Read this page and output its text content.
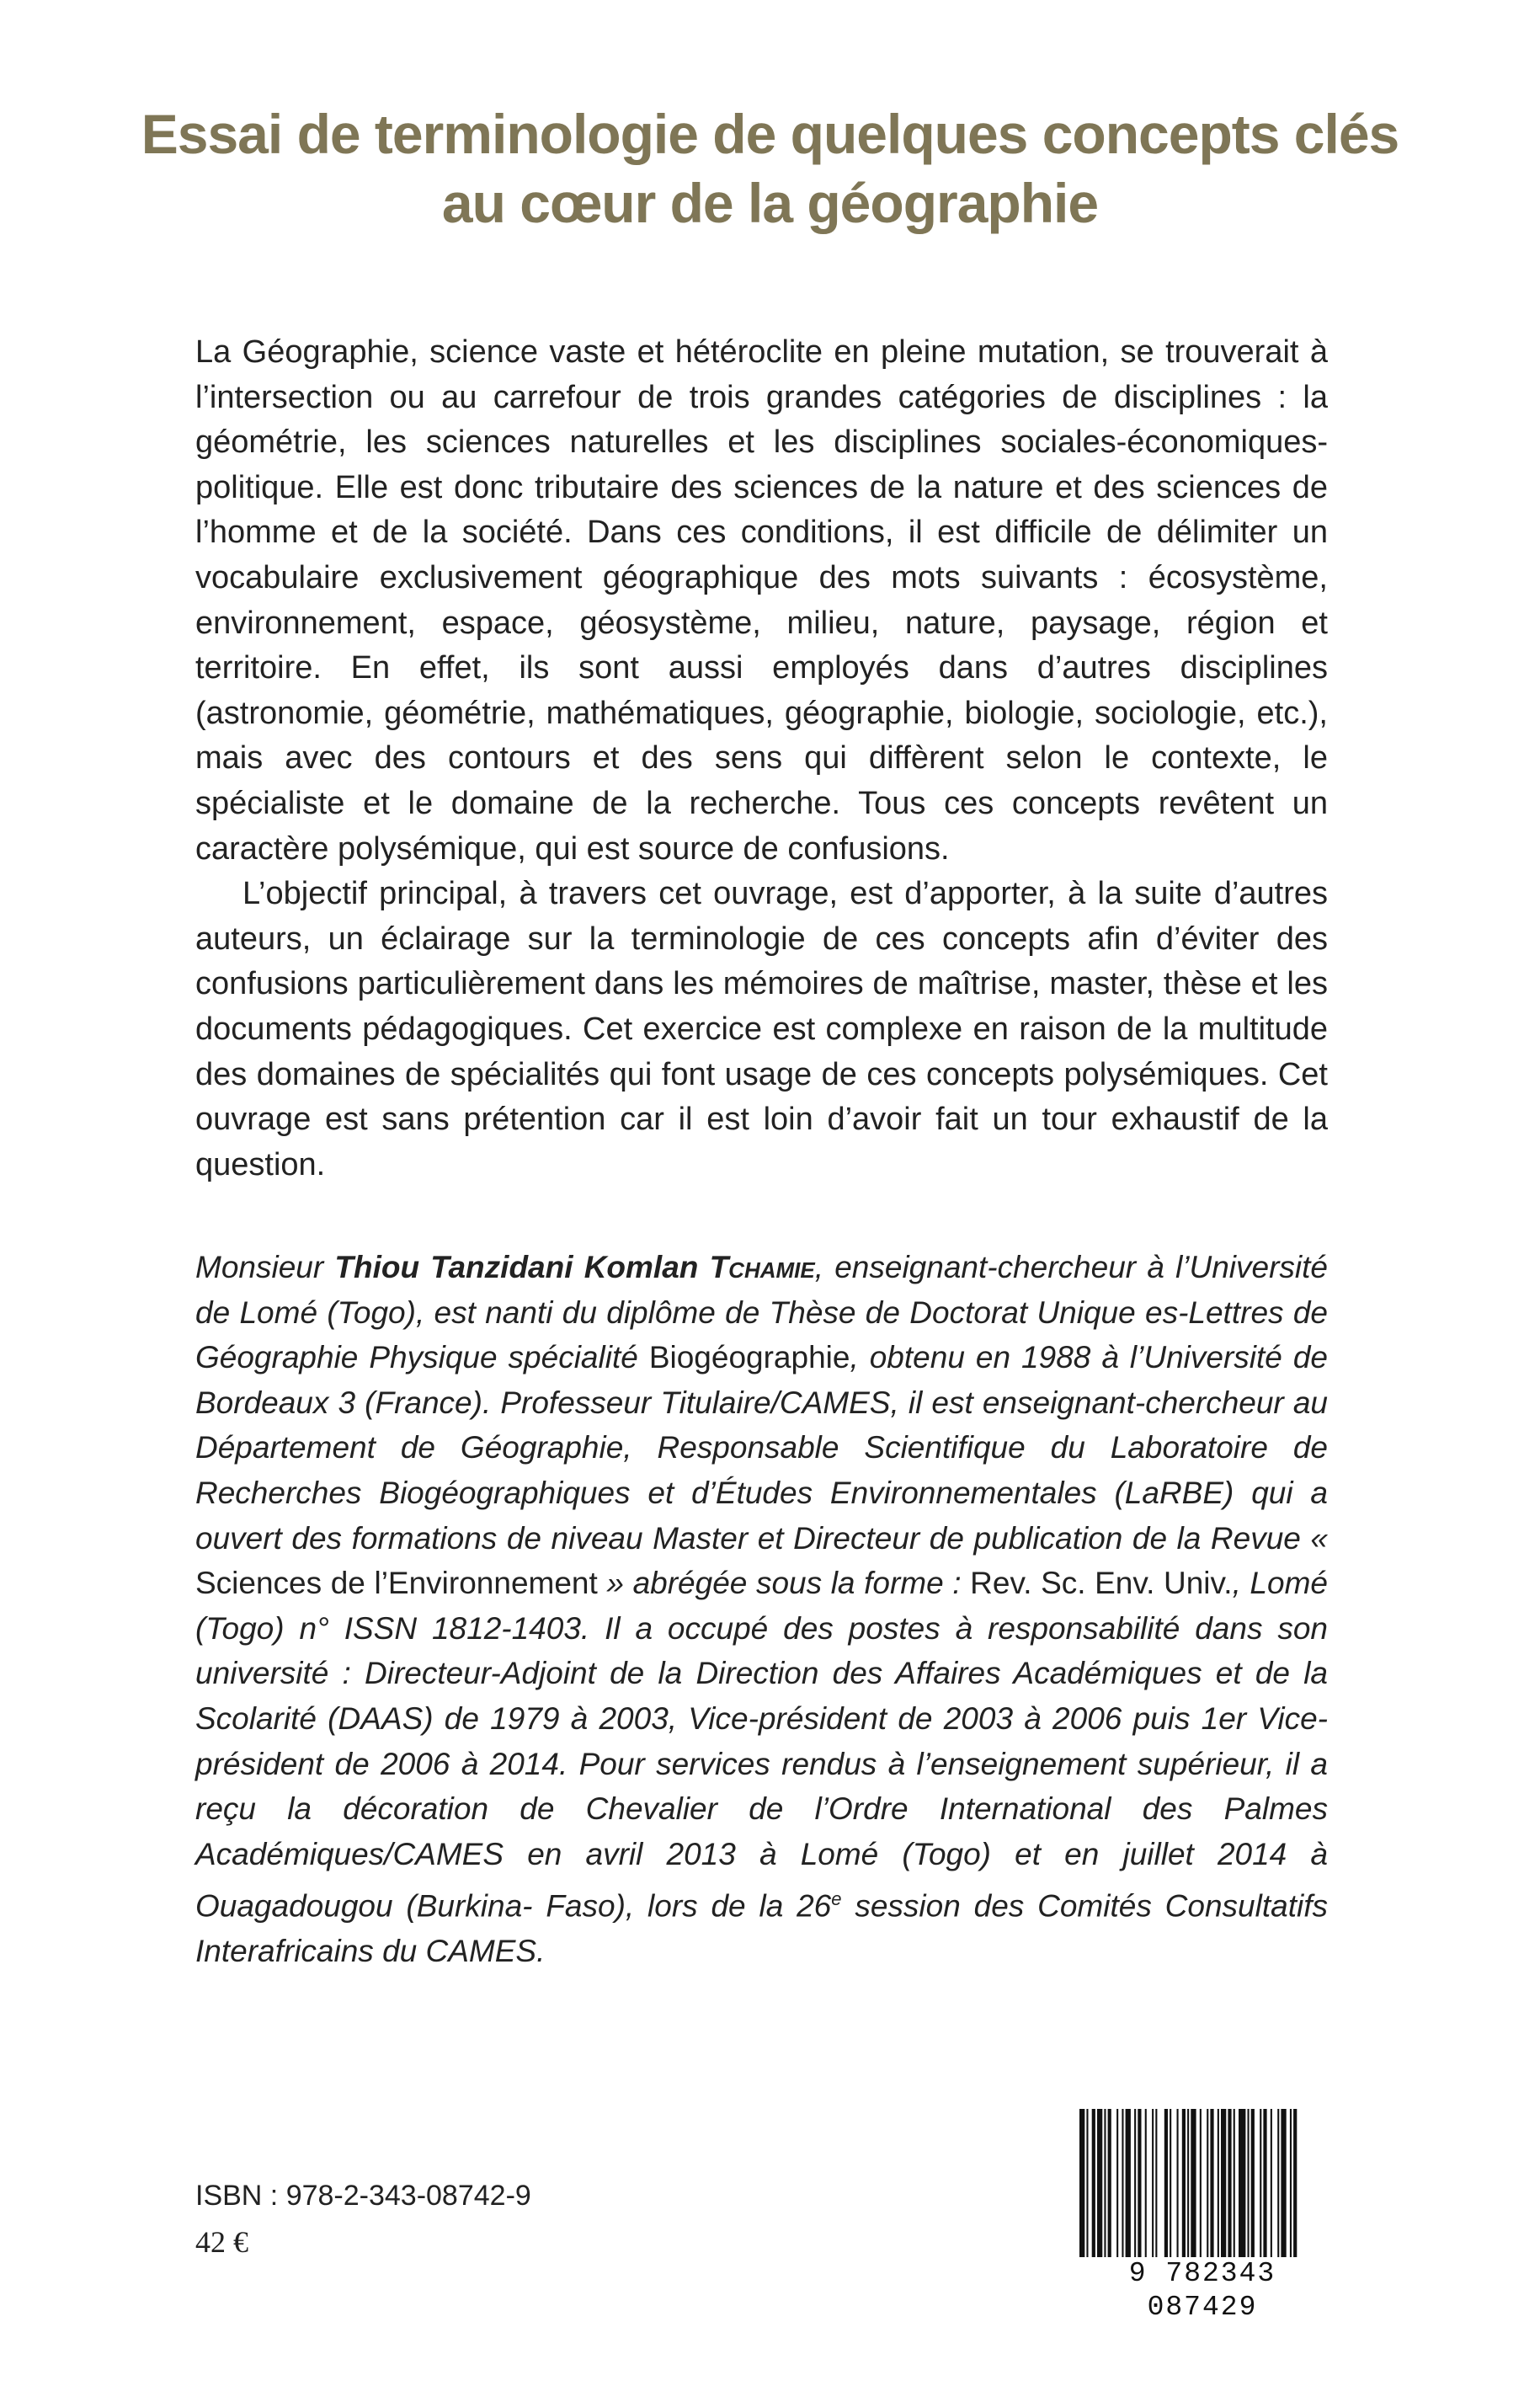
Essai de terminologie de quelques concepts clés
au cœur de la géographie

La Géographie, science vaste et hétéroclite en pleine mutation, se trouverait à l’intersection ou au carrefour de trois grandes catégories de disciplines : la géométrie, les sciences naturelles et les disciplines sociales-économiques-politique. Elle est donc tributaire des sciences de la nature et des sciences de l’homme et de la société. Dans ces conditions, il est difficile de délimiter un vocabulaire exclusivement géographique des mots suivants : écosystème, environnement, espace, géosystème, milieu, nature, paysage, région et territoire. En effet, ils sont aussi employés dans d’autres disciplines (astronomie, géométrie, mathématiques, géographie, biologie, sociologie, etc.), mais avec des contours et des sens qui diffèrent selon le contexte, le spécialiste et le domaine de la recherche. Tous ces concepts revêtent un caractère polysémique, qui est source de confusions.

L’objectif principal, à travers cet ouvrage, est d’apporter, à la suite d’autres auteurs, un éclairage sur la terminologie de ces concepts afin d’éviter des confusions particulièrement dans les mémoires de maîtrise, master, thèse et les documents pédagogiques. Cet exercice est complexe en raison de la multitude des domaines de spécialités qui font usage de ces concepts polysémiques. Cet ouvrage est sans prétention car il est loin d’avoir fait un tour exhaustif de la question.

Monsieur Thiou Tanzidani Komlan Tchamie, enseignant-chercheur à l’Université de Lomé (Togo), est nanti du diplôme de Thèse de Doctorat Unique es-Lettres de Géographie Physique spécialité Biogéographie, obtenu en 1988 à l’Université de Bordeaux 3 (France). Professeur Titulaire/CAMES, il est enseignant-chercheur au Département de Géographie, Responsable Scientifique du Laboratoire de Recherches Biogéographiques et d’Études Environnementales (LaRBE) qui a ouvert des formations de niveau Master et Directeur de publication de la Revue « Sciences de l’Environnement » abrégée sous la forme : Rev. Sc. Env. Univ., Lomé (Togo) n° ISSN 1812-1403. Il a occupé des postes à responsabilité dans son université : Directeur-Adjoint de la Direction des Affaires Académiques et de la Scolarité (DAAS) de 1979 à 2003, Vice-président de 2003 à 2006 puis 1er Vice-président de 2006 à 2014. Pour services rendus à l’enseignement supérieur, il a reçu la décoration de Chevalier de l’Ordre International des Palmes Académiques/CAMES en avril 2013 à Lomé (Togo) et en juillet 2014 à Ouagadougou (Burkina- Faso), lors de la 26e session des Comités Consultatifs Interafricains du CAMES.
ISBN : 978-2-343-08742-9
42 €
9 782343 087429
